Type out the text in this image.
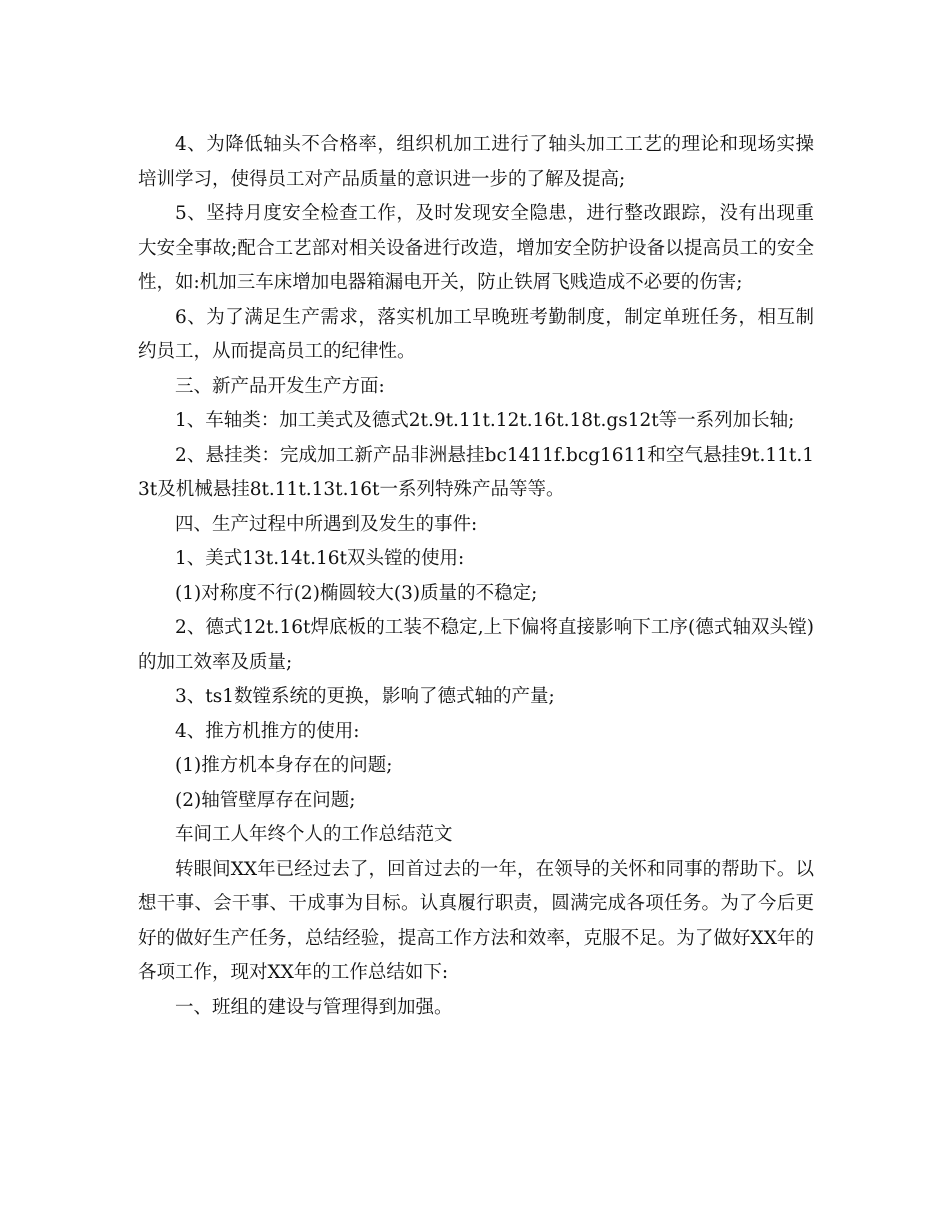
4、为降低轴头不合格率，组织机加工进行了轴头加工工艺的理论和现场实操培训学习，使得员工对产品质量的意识进一步的了解及提高;

5、坚持月度安全检查工作，及时发现安全隐患，进行整改跟踪，没有出现重大安全事故;配合工艺部对相关设备进行改造，增加安全防护设备以提高员工的安全性，如:机加三车床增加电器箱漏电开关，防止铁屑飞贱造成不必要的伤害;

6、为了满足生产需求，落实机加工早晚班考勤制度，制定单班任务，相互制约员工，从而提高员工的纪律性。

三、新产品开发生产方面:

1、车轴类：加工美式及德式2t.9t.11t.12t.16t.18t.gs12t等一系列加长轴;

2、悬挂类：完成加工新产品非洲悬挂bc1411f.bcg1611和空气悬挂9t.11t.13t及机械悬挂8t.11t.13t.16t一系列特殊产品等等。

四、生产过程中所遇到及发生的事件:

1、美式13t.14t.16t双头镗的使用:

(1)对称度不行(2)椭圆较大(3)质量的不稳定;

2、德式12t.16t焊底板的工装不稳定,上下偏将直接影响下工序(德式轴双头镗)的加工效率及质量;

3、ts1数镗系统的更换，影响了德式轴的产量;

4、推方机推方的使用:

(1)推方机本身存在的问题;

(2)轴管壁厚存在问题;

车间工人年终个人的工作总结范文

转眼间XX年已经过去了，回首过去的一年，在领导的关怀和同事的帮助下。以想干事、会干事、干成事为目标。认真履行职责，圆满完成各项任务。为了今后更好的做好生产任务，总结经验，提高工作方法和效率，克服不足。为了做好XX年的各项工作，现对XX年的工作总结如下:

一、班组的建设与管理得到加强。
